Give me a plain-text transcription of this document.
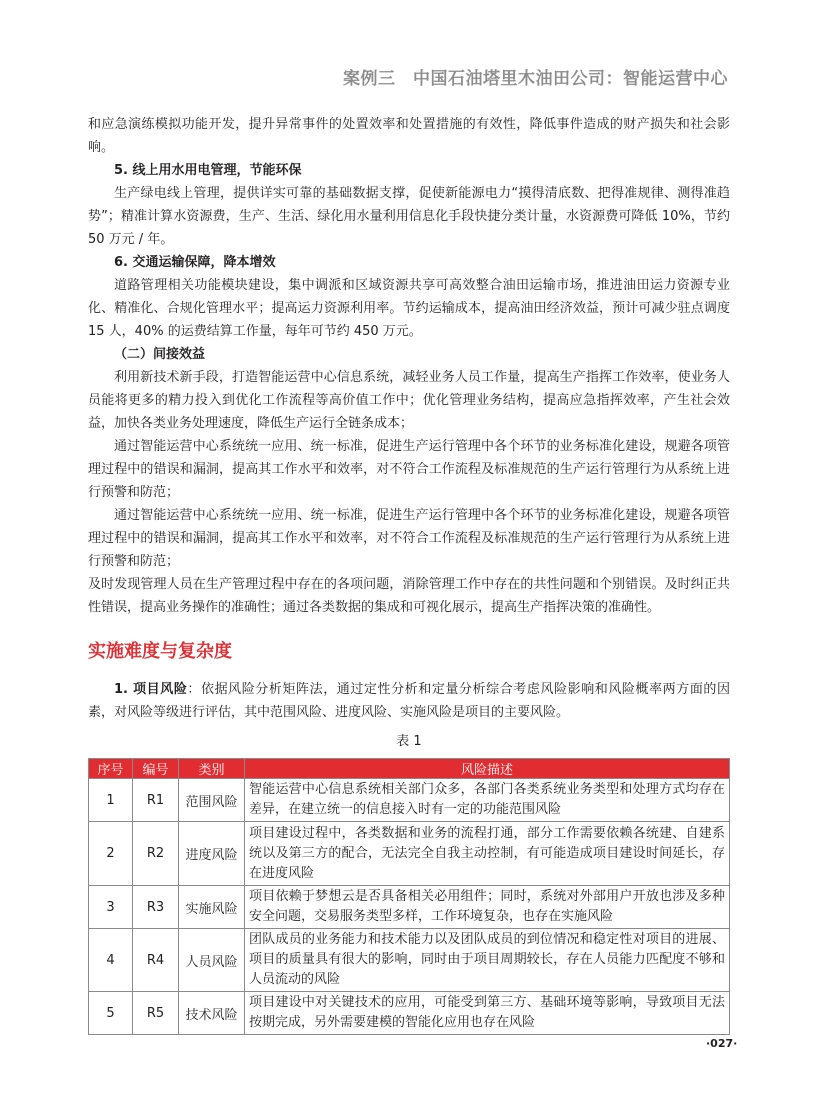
案例三　中国石油塔里木油田公司：智能运营中心

和应急演练模拟功能开发，提升异常事件的处置效率和处置措施的有效性，降低事件造成的财产损失和社会影响。

5. 线上用水用电管理，节能环保

生产绿电线上管理，提供详实可靠的基础数据支撑，促使新能源电力“摸得清底数、把得准规律、测得准趋势”；精准计算水资源费，生产、生活、绿化用水量利用信息化手段快捷分类计量，水资源费可降低 10%，节约 50 万元 / 年。

6. 交通运输保障，降本增效

道路管理相关功能模块建设，集中调派和区域资源共享可高效整合油田运输市场，推进油田运力资源专业化、精准化、合规化管理水平；提高运力资源利用率。节约运输成本，提高油田经济效益，预计可减少驻点调度 15 人，40% 的运费结算工作量，每年可节约 450 万元。

（二）间接效益

利用新技术新手段，打造智能运营中心信息系统，减轻业务人员工作量，提高生产指挥工作效率，使业务人员能将更多的精力投入到优化工作流程等高价值工作中；优化管理业务结构，提高应急指挥效率，产生社会效益，加快各类业务处理速度，降低生产运行全链条成本；

通过智能运营中心系统统一应用、统一标准，促进生产运行管理中各个环节的业务标准化建设，规避各项管理过程中的错误和漏洞，提高其工作水平和效率，对不符合工作流程及标准规范的生产运行管理行为从系统上进行预警和防范；

通过智能运营中心系统统一应用、统一标准，促进生产运行管理中各个环节的业务标准化建设，规避各项管理过程中的错误和漏洞，提高其工作水平和效率，对不符合工作流程及标准规范的生产运行管理行为从系统上进行预警和防范；

及时发现管理人员在生产管理过程中存在的各项问题，消除管理工作中存在的共性问题和个别错误。及时纠正共性错误，提高业务操作的准确性；通过各类数据的集成和可视化展示，提高生产指挥决策的准确性。

实施难度与复杂度

1. 项目风险：依据风险分析矩阵法，通过定性分析和定量分析综合考虑风险影响和风险概率两方面的因素，对风险等级进行评估，其中范围风险、进度风险、实施风险是项目的主要风险。

表 1
序号	编号	类别	风险描述
1	R1	范围风险	智能运营中心信息系统相关部门众多，各部门各类系统业务类型和处理方式均存在差异，在建立统一的信息接入时有一定的功能范围风险
2	R2	进度风险	项目建设过程中，各类数据和业务的流程打通，部分工作需要依赖各统建、自建系统以及第三方的配合，无法完全自我主动控制，有可能造成项目建设时间延长，存在进度风险
3	R3	实施风险	项目依赖于梦想云是否具备相关必用组件；同时，系统对外部用户开放也涉及多种安全问题，交易服务类型多样，工作环境复杂，也存在实施风险
4	R4	人员风险	团队成员的业务能力和技术能力以及团队成员的到位情况和稳定性对项目的进展、项目的质量具有很大的影响，同时由于项目周期较长，存在人员能力匹配度不够和人员流动的风险
5	R5	技术风险	项目建设中对关键技术的应用，可能受到第三方、基础环境等影响，导致项目无法按期完成，另外需要建模的智能化应用也存在风险
·027·
